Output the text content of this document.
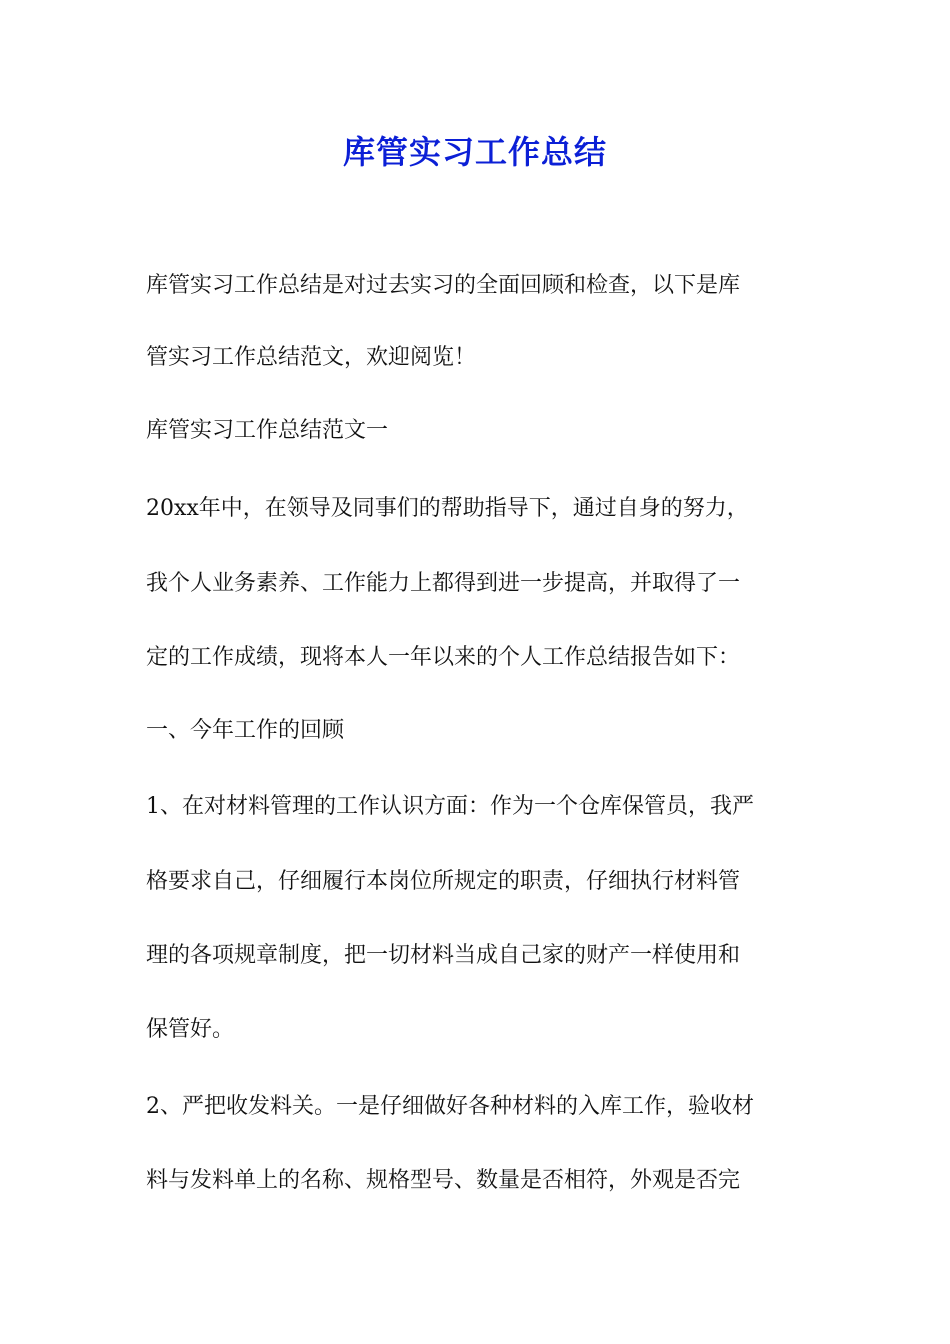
库管实习工作总结

库管实习工作总结是对过去实习的全面回顾和检查，以下是库

管实习工作总结范文，欢迎阅览！

库管实习工作总结范文一

20xx年中，在领导及同事们的帮助指导下，通过自身的努力，

我个人业务素养、工作能力上都得到进一步提高，并取得了一

定的工作成绩，现将本人一年以来的个人工作总结报告如下：

一、今年工作的回顾

1、在对材料管理的工作认识方面：作为一个仓库保管员，我严

格要求自己，仔细履行本岗位所规定的职责，仔细执行材料管

理的各项规章制度，把一切材料当成自己家的财产一样使用和

保管好。

2、严把收发料关。一是仔细做好各种材料的入库工作，验收材

料与发料单上的名称、规格型号、数量是否相符，外观是否完
